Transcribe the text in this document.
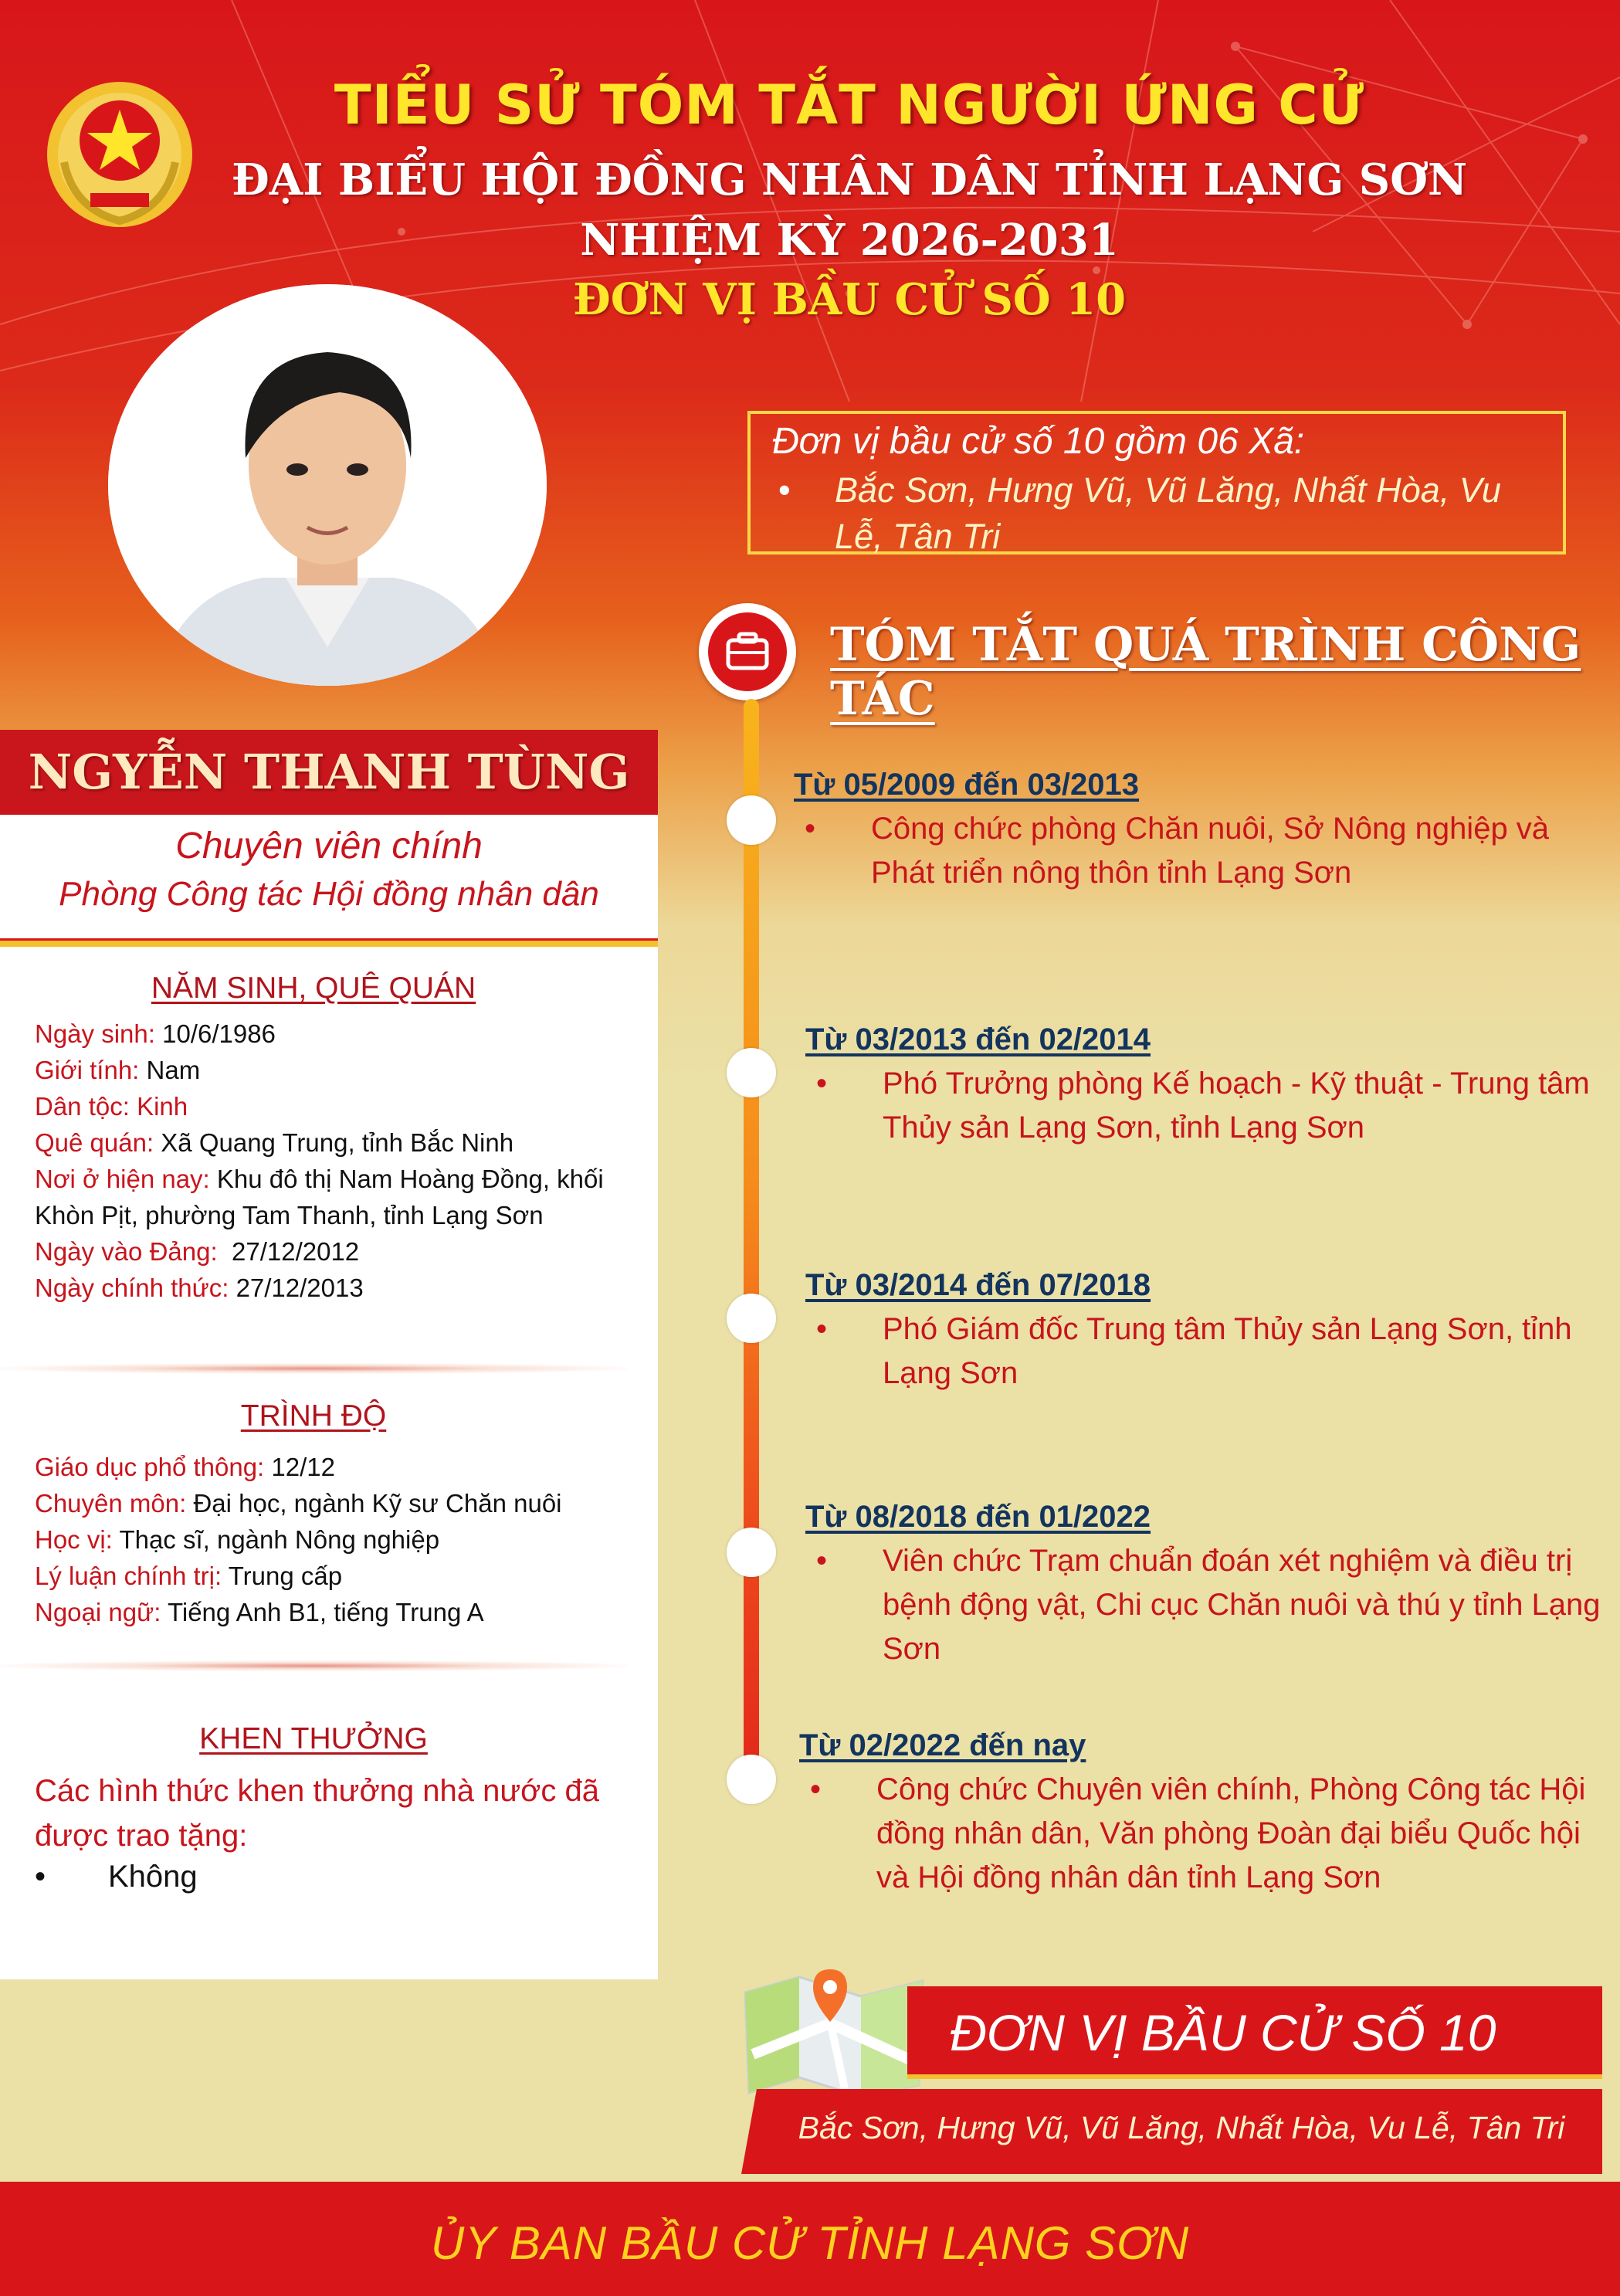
TIỂU SỬ TÓM TẮT NGƯỜI ỨNG CỬ
ĐẠI BIỂU HỘI ĐỒNG NHÂN DÂN TỈNH LẠNG SƠN
NHIỆM KỲ 2026-2031
ĐƠN VỊ BẦU CỬ SỐ 10
Đơn vị bầu cử số 10 gồm 06 Xã:
•	Bắc Sơn, Hưng Vũ, Vũ Lăng, Nhất Hòa, Vu Lễ, Tân Tri
TÓM TẮT QUÁ TRÌNH CÔNG TÁC
Từ 05/2009 đến 03/2013
•	Công chức phòng Chăn nuôi, Sở Nông nghiệp và Phát triển nông thôn tỉnh Lạng Sơn
Từ 03/2013 đến 02/2014
•	Phó Trưởng phòng Kế hoạch - Kỹ thuật - Trung tâm Thủy sản Lạng Sơn, tỉnh Lạng Sơn
Từ 03/2014 đến 07/2018
•	Phó Giám đốc Trung tâm Thủy sản Lạng Sơn, tỉnh Lạng Sơn
Từ 08/2018 đến 01/2022
•	Viên chức Trạm chuẩn đoán xét nghiệm và điều trị bệnh động vật, Chi cục Chăn nuôi và thú y tỉnh Lạng Sơn
Từ 02/2022 đến nay
•	Công chức Chuyên viên chính, Phòng Công tác Hội đồng nhân dân, Văn phòng Đoàn đại biểu Quốc hội và Hội đồng nhân dân tỉnh Lạng Sơn
NGYỄN THANH TÙNG
Chuyên viên chính
Phòng Công tác Hội đồng nhân dân
NĂM SINH, QUÊ QUÁN
Ngày sinh: 10/6/1986
Giới tính: Nam
Dân tộc: Kinh
Quê quán: Xã Quang Trung, tỉnh Bắc Ninh
Nơi ở hiện nay: Khu đô thị Nam Hoàng Đồng, khối Khòn Pịt, phường Tam Thanh, tỉnh Lạng Sơn
Ngày vào Đảng: 27/12/2012
Ngày chính thức: 27/12/2013
TRÌNH ĐỘ
Giáo dục phổ thông: 12/12
Chuyên môn: Đại học, ngành Kỹ sư Chăn nuôi
Học vị: Thạc sĩ, ngành Nông nghiệp
Lý luận chính trị: Trung cấp
Ngoại ngữ: Tiếng Anh B1, tiếng Trung A
KHEN THƯỞNG
Các hình thức khen thưởng nhà nước đã được trao tặng:
•	Không
ĐƠN VỊ BẦU CỬ SỐ 10
Bắc Sơn, Hưng Vũ, Vũ Lăng, Nhất Hòa, Vu Lễ, Tân Tri
ỦY BAN BẦU CỬ TỈNH LẠNG SƠN
